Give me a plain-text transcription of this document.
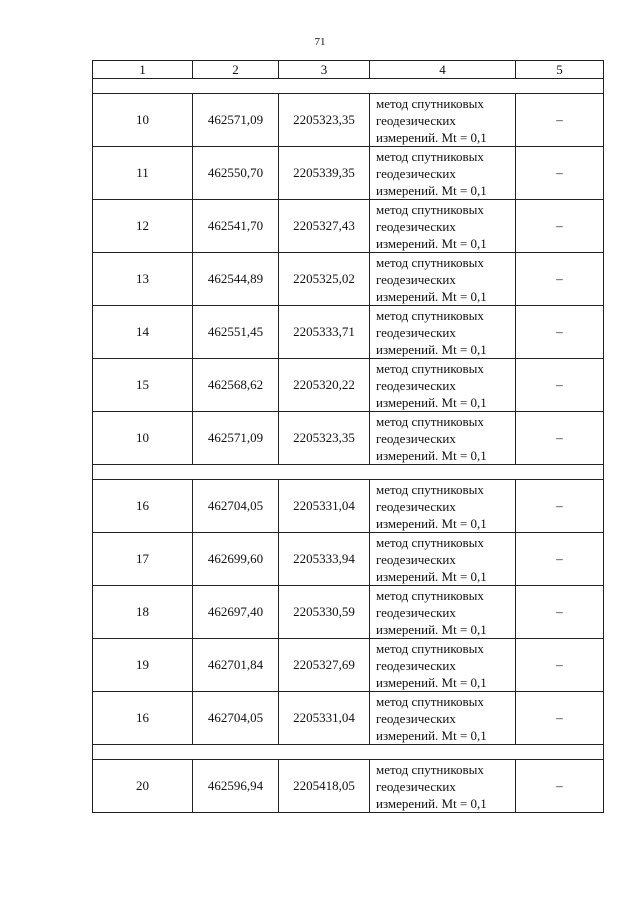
71
1	2	3	4	5

10	462571,09	2205323,35	метод спутниковых
геодезических
измерений. Mt = 0,1	–
11	462550,70	2205339,35	метод спутниковых
геодезических
измерений. Mt = 0,1	–
12	462541,70	2205327,43	метод спутниковых
геодезических
измерений. Mt = 0,1	–
13	462544,89	2205325,02	метод спутниковых
геодезических
измерений. Mt = 0,1	–
14	462551,45	2205333,71	метод спутниковых
геодезических
измерений. Mt = 0,1	–
15	462568,62	2205320,22	метод спутниковых
геодезических
измерений. Mt = 0,1	–
10	462571,09	2205323,35	метод спутниковых
геодезических
измерений. Mt = 0,1	–

16	462704,05	2205331,04	метод спутниковых
геодезических
измерений. Mt = 0,1	–
17	462699,60	2205333,94	метод спутниковых
геодезических
измерений. Mt = 0,1	–
18	462697,40	2205330,59	метод спутниковых
геодезических
измерений. Mt = 0,1	–
19	462701,84	2205327,69	метод спутниковых
геодезических
измерений. Mt = 0,1	–
16	462704,05	2205331,04	метод спутниковых
геодезических
измерений. Mt = 0,1	–

20	462596,94	2205418,05	метод спутниковых
геодезических
измерений. Mt = 0,1	–
